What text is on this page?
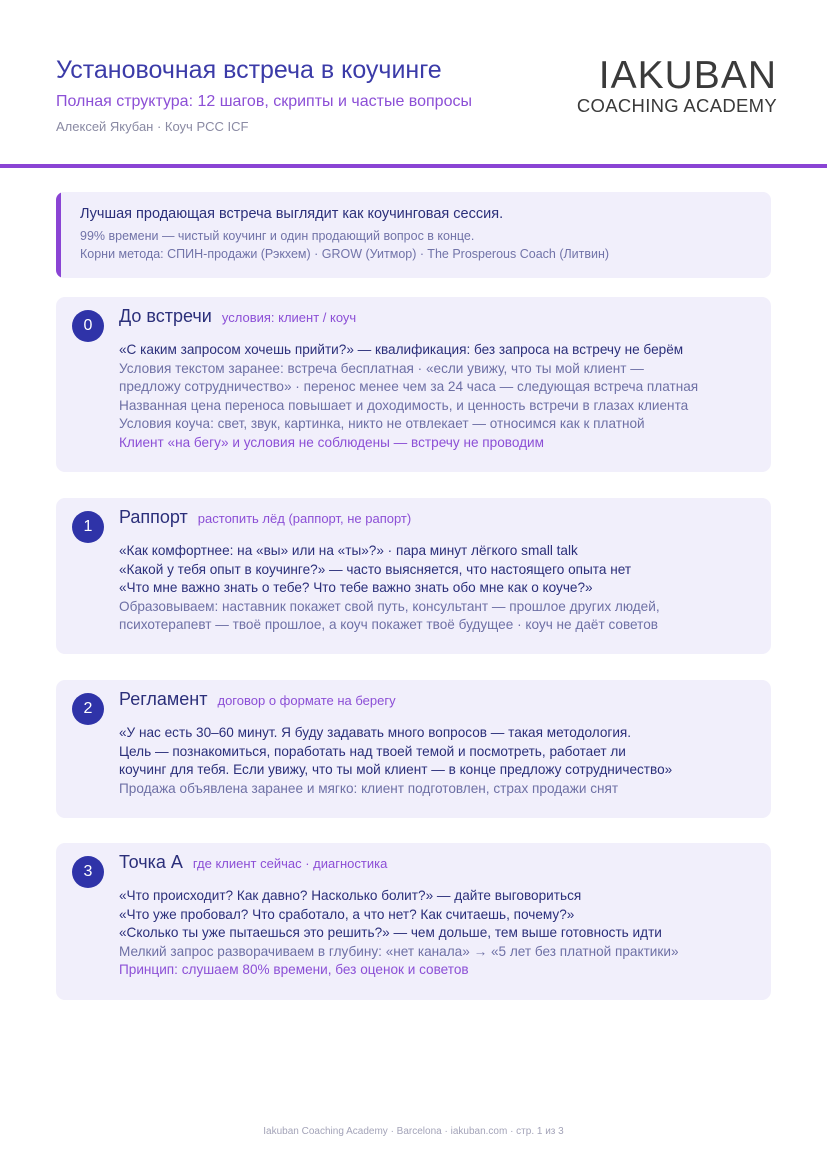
Установочная встреча в коучинге
Полная структура: 12 шагов, скрипты и частые вопросы
Алексей Якубан · Коуч PCC ICF
IAKUBAN
COACHING ACADEMY
Лучшая продающая встреча выглядит как коучинговая сессия.
99% времени — чистый коучинг и один продающий вопрос в конце.
Корни метода: СПИН-продажи (Рэкхем) · GROW (Уитмор) · The Prosperous Coach (Литвин)
0	До встречи условия: клиент / коуч
«С каким запросом хочешь прийти?» — квалификация: без запроса на встречу не берём
Условия текстом заранее: встреча бесплатная · «если увижу, что ты мой клиент —
предложу сотрудничество» · перенос менее чем за 24 часа — следующая встреча платная
Названная цена переноса повышает и доходимость, и ценность встречи в глазах клиента
Условия коуча: свет, звук, картинка, никто не отвлекает — относимся как к платной
Клиент «на бегу» и условия не соблюдены — встречу не проводим
1	Раппорт растопить лёд (раппорт, не рапорт)
«Как комфортнее: на «вы» или на «ты»?» · пара минут лёгкого small talk
«Какой у тебя опыт в коучинге?» — часто выясняется, что настоящего опыта нет
«Что мне важно знать о тебе? Что тебе важно знать обо мне как о коуче?»
Образовываем: наставник покажет свой путь, консультант — прошлое других людей,
психотерапевт — твоё прошлое, а коуч покажет твоё будущее · коуч не даёт советов
2	Регламент договор о формате на берегу
«У нас есть 30–60 минут. Я буду задавать много вопросов — такая методология.
Цель — познакомиться, поработать над твоей темой и посмотреть, работает ли
коучинг для тебя. Если увижу, что ты мой клиент — в конце предложу сотрудничество»
Продажа объявлена заранее и мягко: клиент подготовлен, страх продажи снят
3	Точка А где клиент сейчас · диагностика
«Что происходит? Как давно? Насколько болит?» — дайте выговориться
«Что уже пробовал? Что сработало, а что нет? Как считаешь, почему?»
«Сколько ты уже пытаешься это решить?» — чем дольше, тем выше готовность идти
Мелкий запрос разворачиваем в глубину: «нет канала» → «5 лет без платной практики»
Принцип: слушаем 80% времени, без оценок и советов
Iakuban Coaching Academy · Barcelona · iakuban.com · стр. 1 из 3
